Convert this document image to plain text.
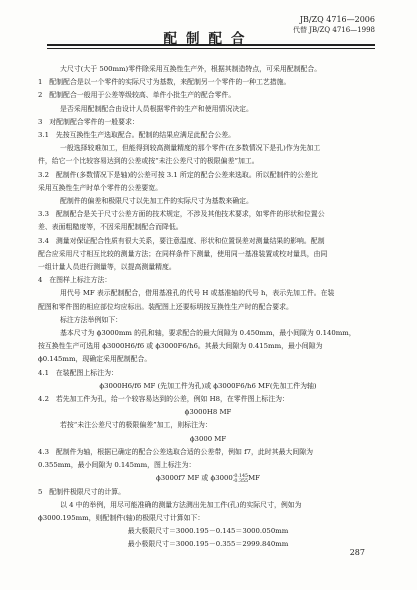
JB/ZQ 4716—2006
代替 JB/ZQ 4716—1998
配制配合

大尺寸(大于 500mm)零件除采用互换性生产外，根据其制造特点，可采用配制配合。

1　配制配合是以一个零件的实际尺寸为基数，来配制另一个零件的一种工艺措施。

2　配制配合一般用于公差等级较高、单件小批生产的配合零件。

是否采用配制配合由设计人员根据零件的生产和使用情况决定。

3　对配制配合零件的一般要求：

3.1　先按互换性生产选取配合。配制的结果应满足此配合公差。

一般选择较难加工，但能得到较高测量精度的那个零件(在多数情况下是孔)作为先加工

件，给它一个比较容易达到的公差或按“未注公差尺寸的极限偏差”加工。

3.2　配制件(多数情况下是轴)的公差可按 3.1 所定的配合公差来选取。所以配制件的公差比

采用互换性生产时单个零件的公差要宽。

配制件的偏差和极限尺寸以先加工件的实际尺寸为基数来确定。

3.3　配制配合是关于尺寸公差方面的技术规定，不涉及其他技术要求，如零件的形状和位置公

差、表面粗糙度等，不因采用配制配合而降低。

3.4　测量对保证配合性质有很大关系，要注意温度、形状和位置误差对测量结果的影响。配制

配合应采用尺寸相互比较的测量方法；在同样条件下测量，使用同一基准装置或校对量具，由同

一组计量人员进行测量等，以提高测量精度。

4　在图样上标注方法：

用代号 MF 表示配制配合，借用基准孔的代号 H 或基准轴的代号 h，表示先加工件。在装

配图和零件图的相应部位均应标出。装配图上还要标明按互换性生产时的配合要求。

标注方法举例如下：

基本尺寸为 ϕ3000mm 的孔和轴，要求配合的最大间隙为 0.450mm，最小间隙为 0.140mm，

按互换性生产可选用 ϕ3000H6/f6 或 ϕ3000F6/h6。其最大间隙为 0.415mm，最小间隙为

ϕ0.145mm，现确定采用配制配合。

4.1　在装配图上标注为：

ϕ3000H6/f6 MF (先加工件为孔)或 ϕ3000F6/h6 MF(先加工件为轴)

4.2　若先加工件为孔，给一个较容易达到的公差，例如 H8，在零件图上标注为：

ϕ3000H8 MF

若按“未注公差尺寸的极限偏差”加工，则标注为：

ϕ3000 MF

4.3　配制件为轴，根据已确定的配合公差选取合适的公差带，例如 f7，此时其最大间隙为

0.355mm，最小间隙为 0.145mm，图上标注为：

ϕ3000f7 MF 或 ϕ3000 -0.145
-0.355 MF

5　配制件极限尺寸的计算。

以 4 中的举例，用尽可能准确的测量方法测出先加工件(孔)的实际尺寸，例如为

ϕ3000.195mm，则配制件(轴)的极限尺寸计算如下：

最大极限尺寸＝3000.195－0.145＝3000.050mm

最小极限尺寸＝3000.195－0.355＝2999.840mm

287
